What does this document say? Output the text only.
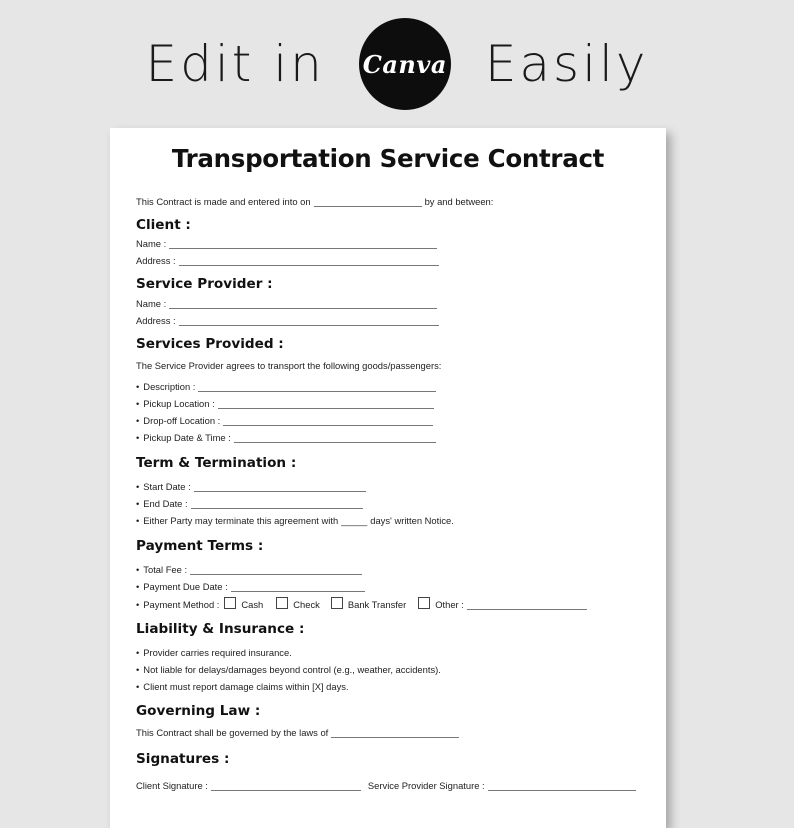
Edit in Canva Easily
Transportation Service Contract
This Contract is made and entered into on	by and between:
Client :
Name :
Address :
Service Provider :
Name :
Address :
Services Provided :
The Service Provider agrees to transport the following goods/passengers:
• Description :
• Pickup Location :
• Drop-off Location :
• Pickup Date & Time :
Term & Termination :
• Start Date :
• End Date :
• Either Party may terminate this agreement with _____ days' written Notice.
Payment Terms :
• Total Fee :
• Payment Due Date :
• Payment Method : Cash	Check	Bank Transfer	Other :
Liability & Insurance :
• Provider carries required insurance.
• Not liable for delays/damages beyond control (e.g., weather, accidents).
• Client must report damage claims within [X] days.
Governing Law :
This Contract shall be governed by the laws of
Signatures :
Client Signature :	Service Provider Signature :
